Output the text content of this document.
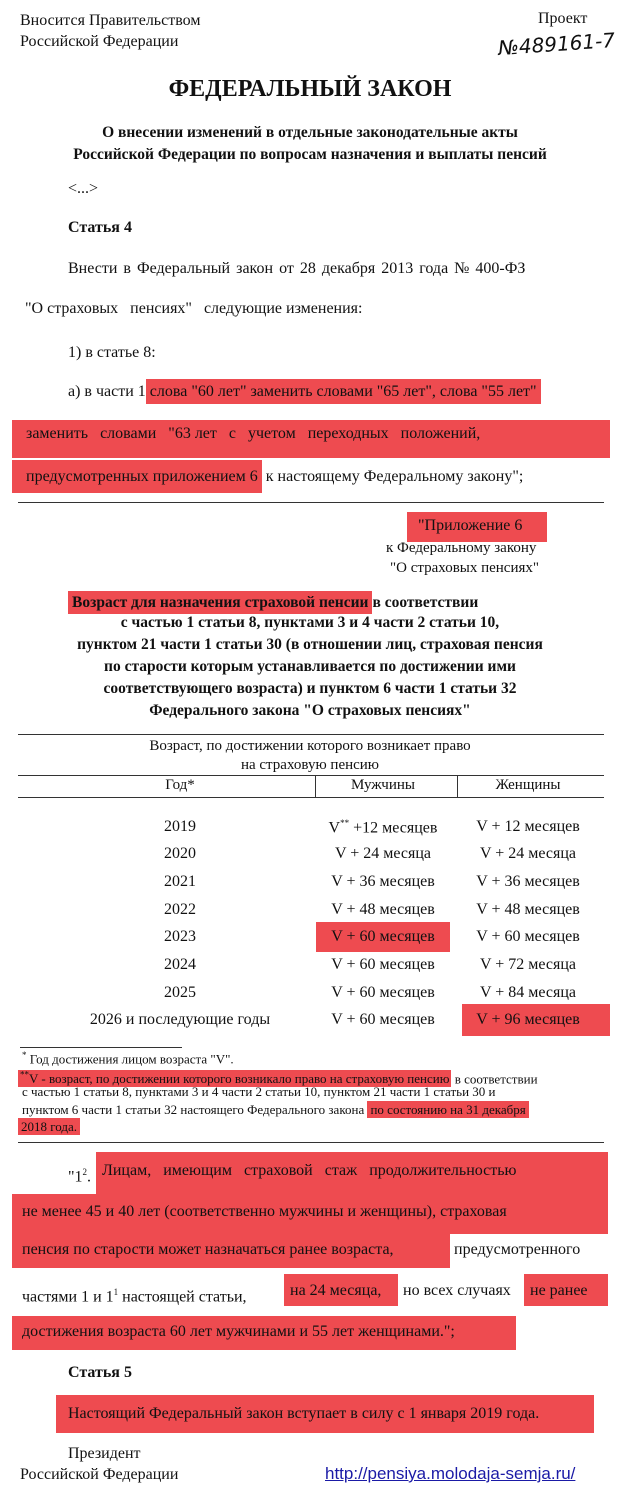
Вносится Правительством
Российской Федерации
Проект
№489161-7
ФЕДЕРАЛЬНЫЙ ЗАКОН
О внесении изменений в отдельные законодательные акты
Российской Федерации по вопросам назначения и выплаты пенсий
<...>
Статья 4
Внести в Федеральный закон от 28 декабря 2013 года № 400-ФЗ
"О страховых   пенсиях"   следующие изменения:
1) в статье 8:
а) в части 1 слова "60 лет" заменить словами "65 лет", слова "55 лет"
заменить   словами   "63 лет   с   учетом   переходных   положений,
предусмотренных приложением 6 к настоящему Федеральному закону";
"Приложение 6
к Федеральному закону
"О страховых пенсиях"
Возраст для назначения страховой пенсии в соответствии
с частью 1 статьи 8, пунктами 3 и 4 части 2 статьи 10,
пунктом 21 части 1 статьи 30 (в отношении лиц, страховая пенсия
по старости которым устанавливается по достижении ими
соответствующего возраста) и пунктом 6 части 1 статьи 32
Федерального закона "О страховых пенсиях"
Возраст, по достижении которого возникает право
на страховую пенсию
Год*	Мужчины	Женщины
2019	V** +12 месяцев	V + 12 месяцев
2020	V + 24 месяца	V + 24 месяца
2021	V + 36 месяцев	V + 36 месяцев
2022	V + 48 месяцев	V + 48 месяцев
2023	V + 60 месяцев	V + 60 месяцев
2024	V + 60 месяцев	V + 72 месяца
2025	V + 60 месяцев	V + 84 месяца
2026 и последующие годы	V + 60 месяцев	V + 96 месяцев
* Год достижения лицом возраста "V".
**V - возраст, по достижении которого возникало право на страховую пенсию в соответствии
с частью 1 статьи 8, пунктами 3 и 4 части 2 статьи 10, пунктом 21 части 1 статьи 30 и
пунктом 6 части 1 статьи 32 настоящего Федерального закона по состоянию на 31 декабря
2018 года.
"$1^2$. Лицам,   имеющим   страховой   стаж   продолжительностью
не менее 45 и 40 лет (соответственно мужчины и женщины), страховая
пенсия по старости может назначаться ранее возраста,	предусмотренного
частями 1 и $1^1$ настоящей статьи,	на 24 месяца, но всех случаях не ранее
достижения возраста 60 лет мужчинами и 55 лет женщинами.";
Статья 5
Настоящий Федеральный закон вступает в силу с 1 января 2019 года.
Президент
Российской Федерации	http://pensiya.molodaja-semja.ru/
